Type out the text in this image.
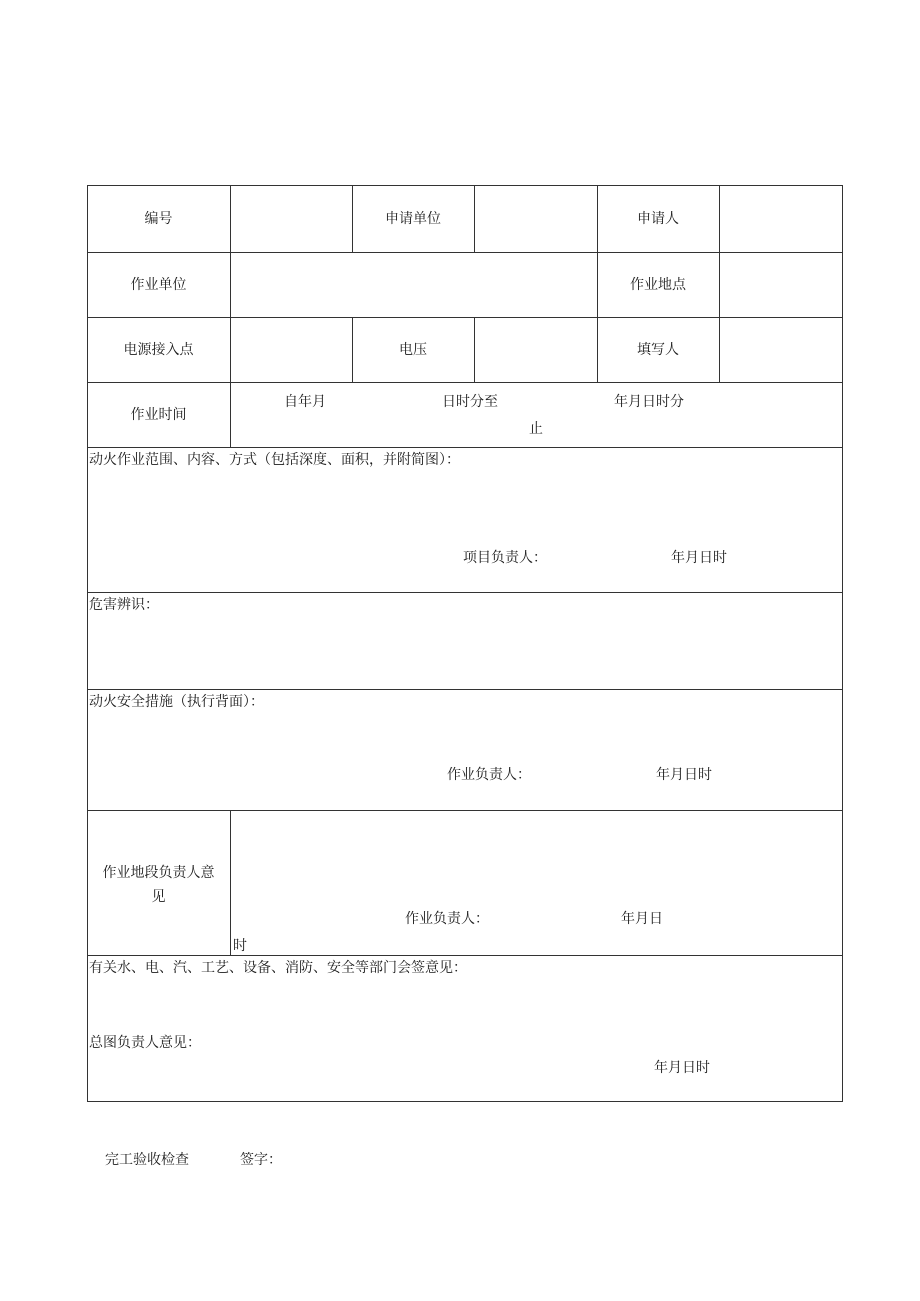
编号	申请单位	申请人
作业单位	作业地点
电源接入点	电压	填写人
作业时间
自年月	日时分至	年月日时分
止
动火作业范围、内容、方式（包括深度、面积，并附简图）：
项目负责人：	年月日时
危害辨识：
动火安全措施（执行背面）：
作业负责人：	年月日时
作业地段负责人意
见
作业负责人：	年月日
时
有关水、电、汽、工艺、设备、消防、安全等部门会签意见：
总图负责人意见：
年月日时
完工验收检查	签字：
